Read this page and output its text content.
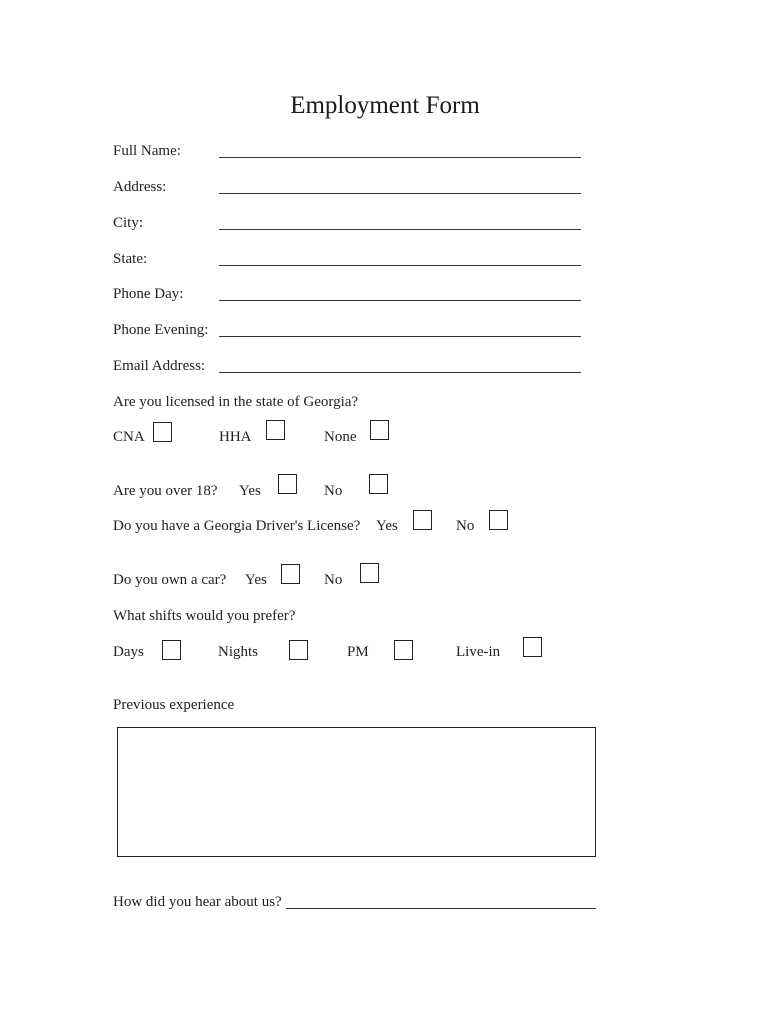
Employment Form
Full Name:
Address:
City:
State:
Phone Day:
Phone Evening:
Email Address:
Are you licensed in the state of Georgia?
CNA	HHA	None
Are you over 18? Yes	No
Do you have a Georgia Driver's License? Yes	No
Do you own a car? Yes	No
What shifts would you prefer?
Days	Nights	PM	Live-in
Previous experience
How did you hear about us?
